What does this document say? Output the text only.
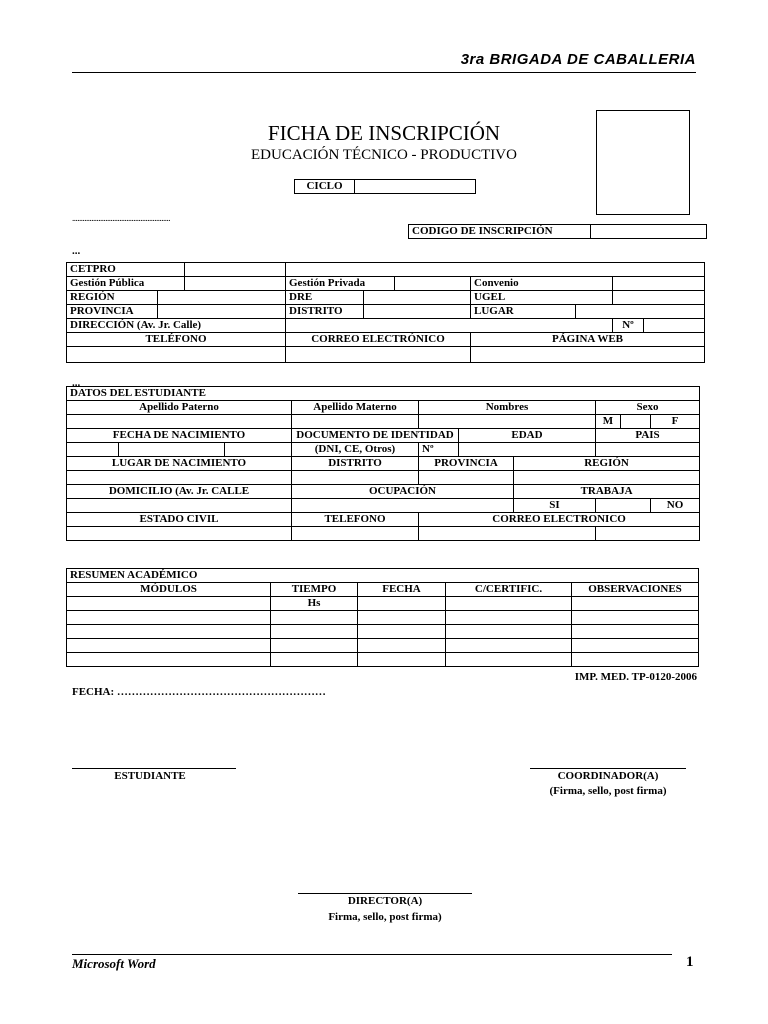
3ra BRIGADA DE CABALLERIA
FICHA DE INSCRIPCIÓN
EDUCACIÓN TÉCNICO - PRODUCTIVO
CICLO	
........................................................
CODIGO DE INSCRIPCIÓN	
...
CETPRO									
Gestión Pública			Gestión Privada			Convenio			
REGIÓN			DRE			UGEL			
PROVINCIA			DISTRITO			LUGAR			
DIRECCIÓN (Av. Jr. Calle)								Nº	
TELÉFONO			CORREO ELECTRÓNICO			PÁGINA WEB			

...
DATOS DEL ESTUDIANTE									
Apellido Paterno			Apellido Materno	Nombres			Sexo		
							M		F
FECHA DE NACIMIENTO			DOCUMENTO DE IDENTIDAD		EDAD		PAIS		
			(DNI, CE, Otros)	Nº					
LUGAR DE NACIMIENTO			DISTRITO	PROVINCIA		REGIÓN			

DOMICILIO (Av. Jr. CALLE			OCUPACIÓN			TRABAJA			
						SI			NO
ESTADO CIVIL			TELEFONO	CORREO ELECTRONICO					

RESUMEN ACADÉMICO				
MÓDULOS	TIEMPO	FECHA	C/CERTIFIC.	OBSERVACIONES
	Hs			

IMP. MED. TP-0120-2006
FECHA: …………………………………………………
ESTUDIANTE	COORDINADOR(A)
(Firma, sello, post firma)
DIRECTOR(A)
Firma, sello, post firma)
Microsoft Word	1
